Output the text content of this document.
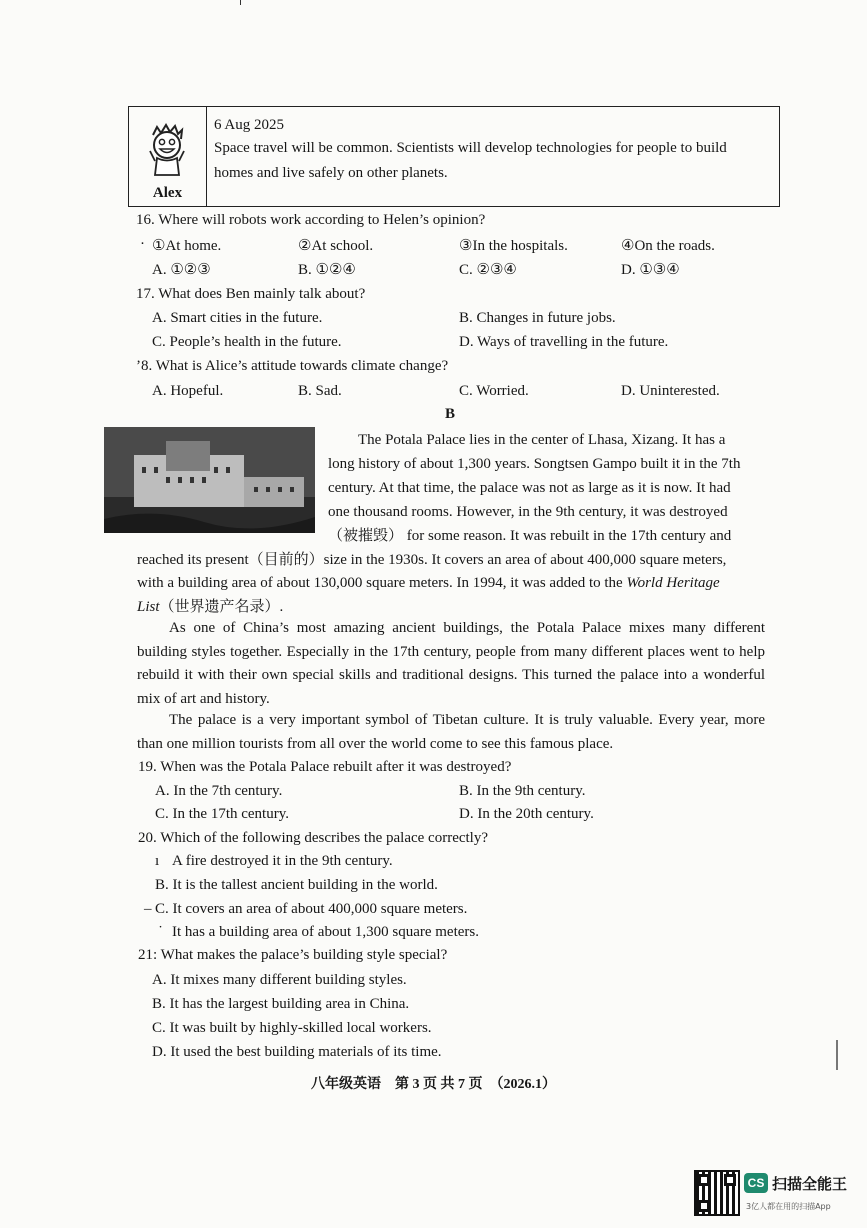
Alex
6 Aug 2025
Space travel will be common. Scientists will develop technologies for people to build
homes and live safely on other planets.
16. Where will robots work according to Helen’s opinion?
· ①At home.	②At school.	③In the hospitals.	④On the roads.
A. ①②③	B. ①②④	C. ②③④	D. ①③④
17. What does Ben mainly talk about?
A. Smart cities in the future.	B. Changes in future jobs.
C. People’s health in the future.	D. Ways of travelling in the future.
’8. What is Alice’s attitude towards climate change?
A. Hopeful.	B. Sad.	C. Worried.	D. Uninterested.
B
The Potala Palace lies in the center of Lhasa, Xizang. It has a
long history of about 1,300 years. Songtsen Gampo built it in the 7th
century. At that time, the palace was not as large as it is now. It had
one thousand rooms. However, in the 9th century, it was destroyed
（被摧毁） for some reason. It was rebuilt in the 17th century and
reached its present（目前的）size in the 1930s. It covers an area of about 400,000 square meters,
with a building area of about 130,000 square meters. In 1994, it was added to the World Heritage
List（世界遗产名录）.
As one of China’s most amazing ancient buildings, the Potala Palace mixes many different building styles together. Especially in the 17th century, people from many different places went to help rebuild it with their own special skills and traditional designs. This turned the palace into a wonderful mix of art and history.
The palace is a very important symbol of Tibetan culture. It is truly valuable. Every year, more than one million tourists from all over the world come to see this famous place.
19. When was the Potala Palace rebuilt after it was destroyed?
A. In the 7th century.	B. In the 9th century.
C. In the 17th century.	D. In the 20th century.
20. Which of the following describes the palace correctly?
ı A fire destroyed it in the 9th century.
B. It is the tallest ancient building in the world.
– C. It covers an area of about 400,000 square meters.
˙ It has a building area of about 1,300 square meters.
21: What makes the palace’s building style special?
A. It mixes many different building styles.
B. It has the largest building area in China.
C. It was built by highly-skilled local workers.
D. It used the best building materials of its time.
八年级英语　第 3 页 共 7 页　（2026.1）
CS 扫描全能王
3亿人都在用的扫描App
